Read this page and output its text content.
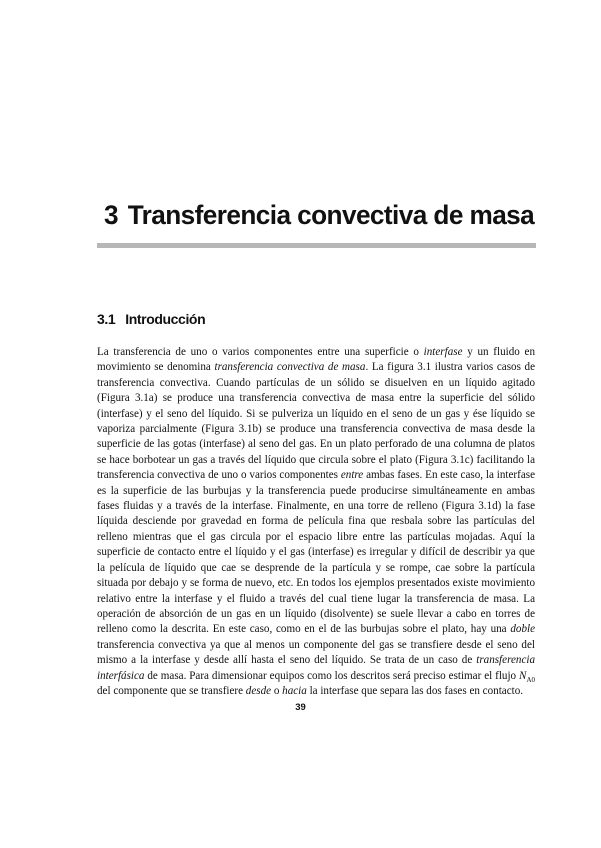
3 Transferencia convectiva de masa
3.1 Introducción

La transferencia de uno o varios componentes entre una superficie o interfase y un fluido en movimiento se denomina transferencia convectiva de masa. La figura 3.1 ilustra varios casos de transferencia convectiva. Cuando partículas de un sólido se disuelven en un líquido agitado (Figura 3.1a) se produce una transferencia convectiva de masa entre la superficie del sólido (interfase) y el seno del líquido. Si se pulveriza un líquido en el seno de un gas y ése líquido se vaporiza parcialmente (Figura 3.1b) se produce una transferencia convectiva de masa desde la superficie de las gotas (interfase) al seno del gas. En un plato perforado de una columna de platos se hace borbotear un gas a través del líquido que circula sobre el plato (Figura 3.1c) facilitando la transferencia convectiva de uno o varios componentes entre ambas fases. En este caso, la interfase es la superficie de las burbujas y la transferencia puede producirse simultáneamente en ambas fases fluidas y a través de la interfase. Finalmente, en una torre de relleno (Figura 3.1d) la fase líquida desciende por gravedad en forma de película fina que resbala sobre las partículas del relleno mientras que el gas circula por el espacio libre entre las partículas mojadas. Aquí la superficie de contacto entre el líquido y el gas (interfase) es irregular y difícil de describir ya que la película de líquido que cae se desprende de la partícula y se rompe, cae sobre la partícula situada por debajo y se forma de nuevo, etc. En todos los ejemplos presentados existe movimiento relativo entre la interfase y el fluido a través del cual tiene lugar la transferencia de masa. La operación de absorción de un gas en un líquido (disolvente) se suele llevar a cabo en torres de relleno como la descrita. En este caso, como en el de las burbujas sobre el plato, hay una doble transferencia convectiva ya que al menos un componente del gas se transfiere desde el seno del mismo a la interfase y desde allí hasta el seno del líquido. Se trata de un caso de transferencia interfásica de masa. Para dimensionar equipos como los descritos será preciso estimar el flujo $N_{A0}$ del componente que se transfiere desde o hacia la interfase que separa las dos fases en contacto.

39
